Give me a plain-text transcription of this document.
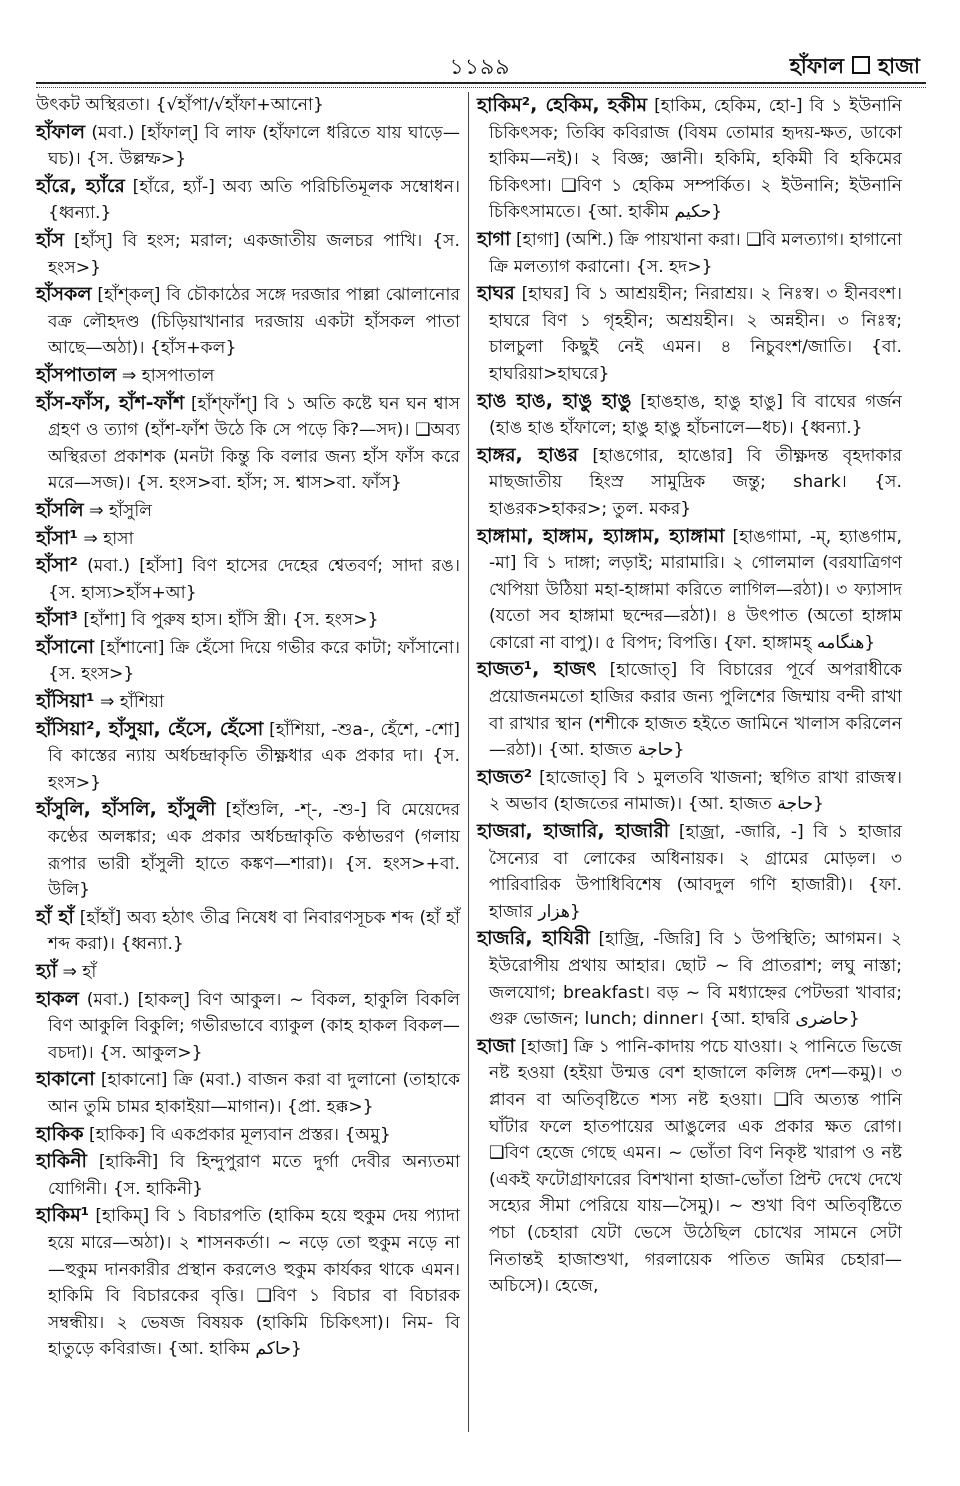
১১৯৯	হাঁফাল হাজা

উৎকট অস্থিরতা। {√হাঁপা/√হাঁফা+আনো}

হাঁফাল (মবা.) [হাঁফাল্] বি লাফ (হাঁফালে ধরিতে যায় ঘাড়ে—ঘচ)। {স. উল্লম্ফ>}

হাঁরে, হ্যাঁরে [হাঁরে, হ্যাঁ-] অব্য অতি পরিচিতিমূলক সম্বোধন। {ধ্বন্যা.}

হাঁস [হাঁস্] বি হংস; মরাল; একজাতীয় জলচর পাখি। {স. হংস>}

হাঁসকল [হাঁশ্কল্] বি চৌকাঠের সঙ্গে দরজার পাল্লা ঝোলানোর বক্র লৌহদণ্ড (চিড়িয়াখানার দরজায় একটা হাঁসকল পাতা আছে—অঠা)। {হাঁস+কল}

হাঁসপাতাল ⇒ হাসপাতাল

হাঁস-ফাঁস, হাঁশ-ফাঁশ [হাঁশ্ফাঁশ্] বি ১ অতি কষ্টে ঘন ঘন শ্বাস গ্রহণ ও ত্যাগ (হাঁশ-ফাঁশ উঠে কি সে পড়ে কি?—সদ)। ❑অব্য অস্থিরতা প্রকাশক (মনটা কিন্তু কি বলার জন্য হাঁস ফাঁস করে মরে—সজ)। {স. হংস>বা. হাঁস; স. শ্বাস>বা. ফাঁস}

হাঁসলি ⇒ হাঁসুলি

হাঁসা¹ ⇒ হাসা

হাঁসা² (মবা.) [হাঁসা] বিণ হাসের দেহের শ্বেতবর্ণ; সাদা রঙ। {স. হাস্য>হাঁস+আ}

হাঁসা³ [হাঁশা] বি পুরুষ হাস। হাঁসি স্ত্রী। {স. হংস>}

হাঁসানো [হাঁশানো] ক্রি হেঁসো দিয়ে গভীর করে কাটা; ফাঁসানো। {স. হংস>}

হাঁসিয়া¹ ⇒ হাঁশিয়া

হাঁসিয়া², হাঁসুয়া, হেঁসে, হেঁসো [হাঁশিয়া, -শুa-, হেঁশে, -শো] বি কাস্তের ন্যায় অর্ধচন্দ্রাকৃতি তীক্ষ্ণধার এক প্রকার দা। {স. হংস>}

হাঁসুলি, হাঁসলি, হাঁসুলী [হাঁশুলি, -শ্-, -শু-] বি মেয়েদের কণ্ঠের অলঙ্কার; এক প্রকার অর্ধচন্দ্রাকৃতি কণ্ঠাভরণ (গলায় রূপার ভারী হাঁসুলী হাতে কঙ্কণ—শারা)। {স. হংস>+বা. উলি}

হাঁ হাঁ [হাঁহাঁ] অব্য হঠাৎ তীব্র নিষেধ বা নিবারণসূচক শব্দ (হাঁ হাঁ শব্দ করা)। {ধ্বন্যা.}

হ্যাঁ ⇒ হাঁ

হাকল (মবা.) [হাকল্] বিণ আকুল। ~ বিকল, হাকুলি বিকলি বিণ আকুলি বিকুলি; গভীরভাবে ব্যাকুল (কাহ হাকল বিকল—বচদা)। {স. আকুল>}

হাকানো [হাকানো] ক্রি (মবা.) বাজন করা বা দুলানো (তাহাকে আন তুমি চামর হাকাইয়া—মাগান)। {প্রা. হক্ক>}

হাকিক [হাকিক] বি একপ্রকার মূল্যবান প্রস্তর। {অমু}

হাকিনী [হাকিনী] বি হিন্দুপুরাণ মতে দুর্গা দেবীর অন্যতমা যোগিনী। {স. হাকিনী}

হাকিম¹ [হাকিম্] বি ১ বিচারপতি (হাকিম হয়ে হুকুম দেয় প্যাদা হয়ে মারে—অঠা)। ২ শাসনকর্তা। ~ নড়ে তো হুকুম নড়ে না—হুকুম দানকারীর প্রস্থান করলেও হুকুম কার্যকর থাকে এমন। হাকিমি বি বিচারকের বৃত্তি। ❑বিণ ১ বিচার বা বিচারক সম্বন্ধীয়। ২ ভেষজ বিষয়ক (হাকিমি চিকিৎসা)। নিম- বি হাতুড়ে কবিরাজ। {আ. হাকিম حاکم}

হাকিম², হেকিম, হকীম [হাকিম, হেকিম, হো-] বি ১ ইউনানি চিকিৎসক; তিব্বি কবিরাজ (বিষম তোমার হৃদয়-ক্ষত, ডাকো হাকিম—নই)। ২ বিজ্ঞ; জ্ঞানী। হকিমি, হকিমী বি হকিমের চিকিৎসা। ❑বিণ ১ হেকিম সম্পর্কিত। ২ ইউনানি; ইউনানি চিকিৎসামতে। {আ. হাকীম حکیم}

হাগা [হাগা] (অশি.) ক্রি পায়খানা করা। ❑বি মলত্যাগ। হাগানো ক্রি মলত্যাগ করানো। {স. হদ>}

হাঘর [হাঘর] বি ১ আশ্রয়হীন; নিরাশ্রয়। ২ নিঃস্ব। ৩ হীনবংশ। হাঘরে বিণ ১ গৃহহীন; অশ্রয়হীন। ২ অন্নহীন। ৩ নিঃস্ব; চালচুলা কিছুই নেই এমন। ৪ নিচুবংশ/জাতি। {বা. হাঘরিয়া>হাঘরে}

হাঙ হাঙ, হাঙু হাঙু [হাঙহাঙ, হাঙু হাঙু] বি বাঘের গর্জন (হাঙ হাঙ হাঁফালে; হাঙু হাঙু হাঁচনালে—ধচ)। {ধ্বন্যা.}

হাঙ্গর, হাঙর [হাঙগোর, হাঙোর] বি তীক্ষ্ণদন্ত বৃহদাকার মাছজাতীয় হিংস্র সামুদ্রিক জন্তু; shark। {স. হাঙরক>হাকর>; তুল. মকর}

হাঙ্গামা, হাঙ্গাম, হ্যাঙ্গাম, হ্যাঙ্গামা [হাঙগামা, -ম্, হ্যাঙগাম, -মা] বি ১ দাঙ্গা; লড়াই; মারামারি। ২ গোলমাল (বরযাত্রিগণ খেপিয়া উঠিয়া মহা-হাঙ্গামা করিতে লাগিল—রঠা)। ৩ ফ্যাসাদ (যতো সব হাঙ্গামা ছন্দের—রঠা)। ৪ উৎপাত (অতো হাঙ্গাম কোরো না বাপু)। ৫ বিপদ; বিপত্তি। {ফা. হাঙ্গামহ্ هنگامه}

হাজত¹, হাজৎ [হাজোত্] বি বিচারের পূর্বে অপরাধীকে প্রয়োজনমতো হাজির করার জন্য পুলিশের জিম্মায় বন্দী রাখা বা রাখার স্থান (শশীকে হাজত হইতে জামিনে খালাস করিলেন—রঠা)। {আ. হাজত حاجة}

হাজত² [হাজোত্] বি ১ মুলতবি খাজনা; স্থগিত রাখা রাজস্ব। ২ অভাব (হাজতের নামাজ)। {আ. হাজত حاجة}

হাজরা, হাজারি, হাজারী [হাজ্রা, -জারি, -] বি ১ হাজার সৈন্যের বা লোকের অধিনায়ক। ২ গ্রামের মোড়ল। ৩ পারিবারিক উপাধিবিশেষ (আবদুল গণি হাজারী)। {ফা. হাজার هزار}

হাজরি, হাযিরী [হাজ্রি, -জিরি] বি ১ উপস্থিতি; আগমন। ২ ইউরোপীয় প্রথায় আহার। ছোট ~ বি প্রাতরাশ; লঘু নাস্তা; জলযোগ; breakfast। বড় ~ বি মধ্যাহ্নের পেটভরা খাবার; গুরু ভোজন; lunch; dinner। {আ. হাদ্বরি حاضری}

হাজা [হাজা] ক্রি ১ পানি-কাদায় পচে যাওয়া। ২ পানিতে ভিজে নষ্ট হওয়া (হইয়া উন্মত্ত বেশ হাজালে কলিঙ্গ দেশ—কমু)। ৩ প্লাবন বা অতিবৃষ্টিতে শস্য নষ্ট হওয়া। ❑বি অত্যন্ত পানি ঘাঁটার ফলে হাতপায়ের আঙুলের এক প্রকার ক্ষত রোগ। ❑বিণ হেজে গেছে এমন। ~ ভোঁতা বিণ নিকৃষ্ট খারাপ ও নষ্ট (একই ফটোগ্রাফারের বিশখানা হাজা-ভোঁতা প্রিন্ট দেখে দেখে সহ্যের সীমা পেরিয়ে যায়—সৈমু)। ~ শুখা বিণ অতিবৃষ্টিতে পচা (চেহারা যেটা ভেসে উঠেছিল চোখের সামনে সেটা নিতান্তই হাজাশুখা, গরলায়েক পতিত জমির চেহারা—অচিসে)। হেজে,
